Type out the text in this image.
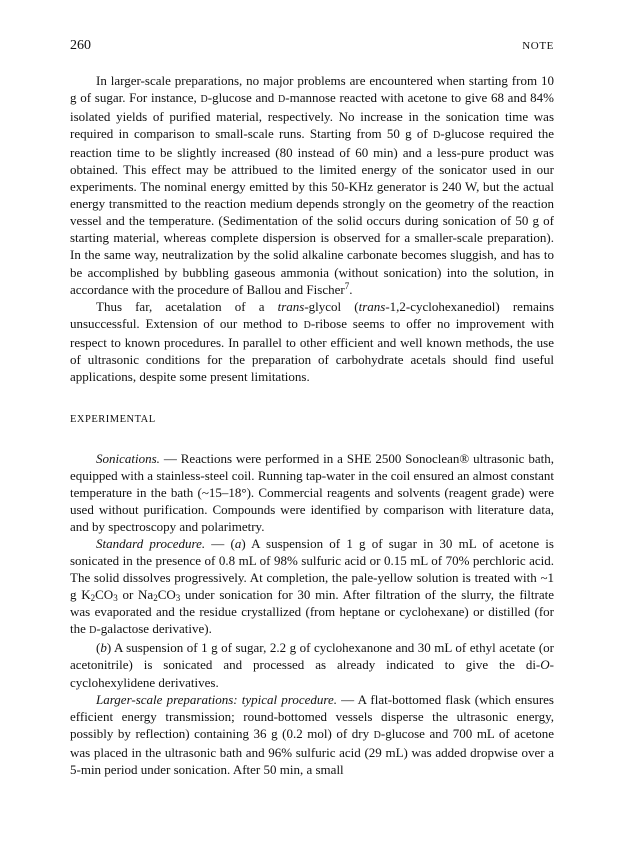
260	NOTE

In larger-scale preparations, no major problems are encountered when starting from 10 g of sugar. For instance, D-glucose and D-mannose reacted with acetone to give 68 and 84% isolated yields of purified material, respectively. No increase in the sonication time was required in comparison to small-scale runs. Starting from 50 g of D-glucose required the reaction time to be slightly increased (80 instead of 60 min) and a less-pure product was obtained. This effect may be attribued to the limited energy of the sonicator used in our experiments. The nominal energy emitted by this 50-KHz generator is 240 W, but the actual energy transmitted to the reaction medium depends strongly on the geometry of the reaction vessel and the temperature. (Sedimentation of the solid occurs during sonication of 50 g of starting material, whereas complete dispersion is observed for a smaller-scale preparation). In the same way, neutralization by the solid alkaline carbonate becomes sluggish, and has to be accomplished by bubbling gaseous ammonia (without sonication) into the solution, in accordance with the procedure of Ballou and Fischer$^7$.

Thus far, acetalation of a trans-glycol (trans-1,2-cyclohexanediol) remains unsuccessful. Extension of our method to D-ribose seems to offer no improvement with respect to known procedures. In parallel to other efficient and well known methods, the use of ultrasonic conditions for the preparation of carbohydrate acetals should find useful applications, despite some present limitations.

EXPERIMENTAL

Sonications. — Reactions were performed in a SHE 2500 Sonoclean® ultrasonic bath, equipped with a stainless-steel coil. Running tap-water in the coil ensured an almost constant temperature in the bath (~15–18°). Commercial reagents and solvents (reagent grade) were used without purification. Compounds were identified by comparison with literature data, and by spectroscopy and polarimetry.

Standard procedure. — (a) A suspension of 1 g of sugar in 30 mL of acetone is sonicated in the presence of 0.8 mL of 98% sulfuric acid or 0.15 mL of 70% perchloric acid. The solid dissolves progressively. At completion, the pale-yellow solution is treated with ~1 g $K_2CO_3$ or $Na_2CO_3$ under sonication for 30 min. After filtration of the slurry, the filtrate was evaporated and the residue crystallized (from heptane or cyclohexane) or distilled (for the D-galactose derivative).

(b) A suspension of 1 g of sugar, 2.2 g of cyclohexanone and 30 mL of ethyl acetate (or acetonitrile) is sonicated and processed as already indicated to give the di-O-cyclohexylidene derivatives.

Larger-scale preparations: typical procedure. — A flat-bottomed flask (which ensures efficient energy transmission; round-bottomed vessels disperse the ultrasonic energy, possibly by reflection) containing 36 g (0.2 mol) of dry D-glucose and 700 mL of acetone was placed in the ultrasonic bath and 96% sulfuric acid (29 mL) was added dropwise over a 5-min period under sonication. After 50 min, a small
